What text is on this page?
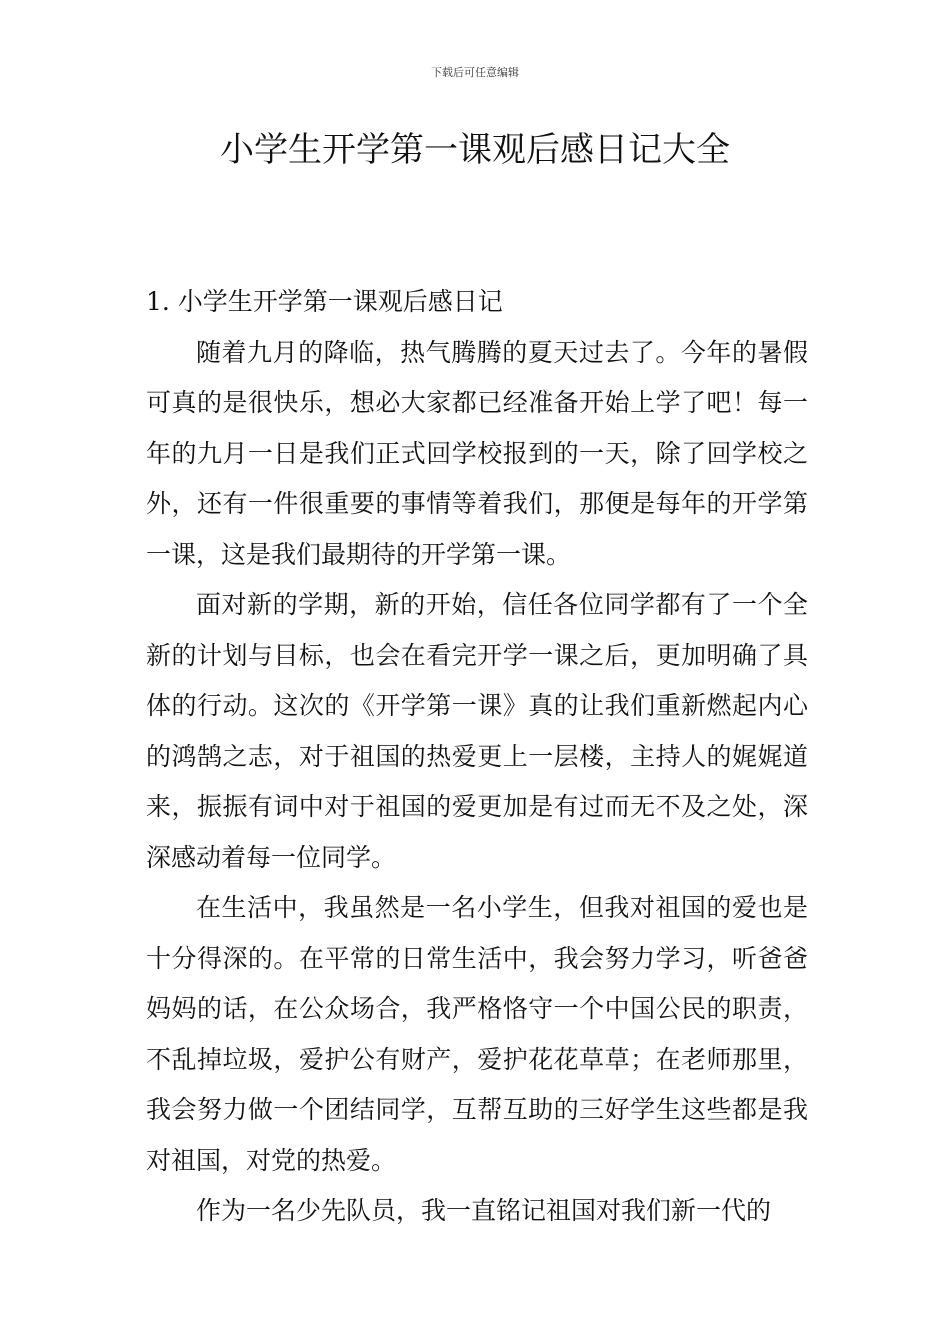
下载后可任意编辑
小学生开学第一课观后感日记大全
1. 小学生开学第一课观后感日记

随着九月的降临，热气腾腾的夏天过去了。今年的暑假可真的是很快乐，想必大家都已经准备开始上学了吧！每一年的九月一日是我们正式回学校报到的一天，除了回学校之外，还有一件很重要的事情等着我们，那便是每年的开学第一课，这是我们最期待的开学第一课。

面对新的学期，新的开始，信任各位同学都有了一个全新的计划与目标，也会在看完开学一课之后，更加明确了具体的行动。这次的《开学第一课》真的让我们重新燃起内心的鸿鹄之志，对于祖国的热爱更上一层楼，主持人的娓娓道来，振振有词中对于祖国的爱更加是有过而无不及之处，深深感动着每一位同学。

在生活中，我虽然是一名小学生，但我对祖国的爱也是十分得深的。在平常的日常生活中，我会努力学习，听爸爸妈妈的话，在公众场合，我严格恪守一个中国公民的职责，不乱掉垃圾，爱护公有财产，爱护花花草草；在老师那里，我会努力做一个团结同学，互帮互助的三好学生这些都是我对祖国，对党的热爱。

作为一名少先队员，我一直铭记祖国对我们新一代的
